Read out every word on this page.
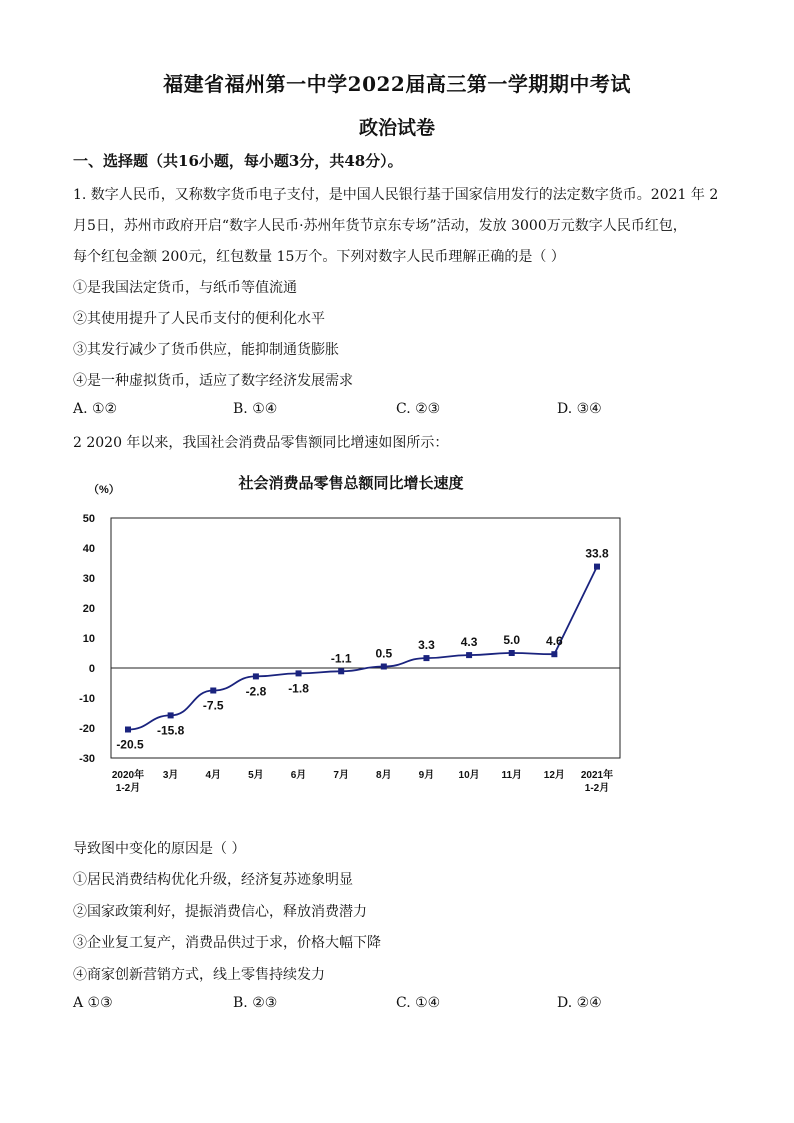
福建省福州第一中学2022届高三第一学期期中考试
政治试卷
一、选择题（共16小题，每小题3分，共48分）。
1. 数字人民币，又称数字货币电子支付，是中国人民银行基于国家信用发行的法定数字货币。2021 年 2
月5日，苏州市政府开启“数字人民币·苏州年货节京东专场”活动，发放 3000万元数字人民币红包，
每个红包金额 200元，红包数量 15万个。下列对数字人民币理解正确的是（ ）
①是我国法定货币，与纸币等值流通
②其使用提升了人民币支付的便利化水平
③其发行减少了货币供应，能抑制通货膨胀
④是一种虚拟货币，适应了数字经济发展需求
A. ①②	B. ①④	C. ②③	D. ③④
2 2020 年以来，我国社会消费品零售额同比增速如图所示：
社会消费品零售总额同比增长速度
（%）
50
40
30
20
10
0
-10
-20
-30
2020年
1-2月
3月	4月	5月	6月	7月	8月	9月 10月 11月 12月 2021年
1-2月
-20.5
-15.8
-7.5
-2.8 -1.8
-1.1 0.5
3.3 4.3 5.0 4.6
33.8
导致图中变化的原因是（ ）
①居民消费结构优化升级，经济复苏迹象明显
②国家政策利好，提振消费信心，释放消费潜力
③企业复工复产，消费品供过于求，价格大幅下降
④商家创新营销方式，线上零售持续发力
A ①③	B. ②③	C. ①④	D. ②④
